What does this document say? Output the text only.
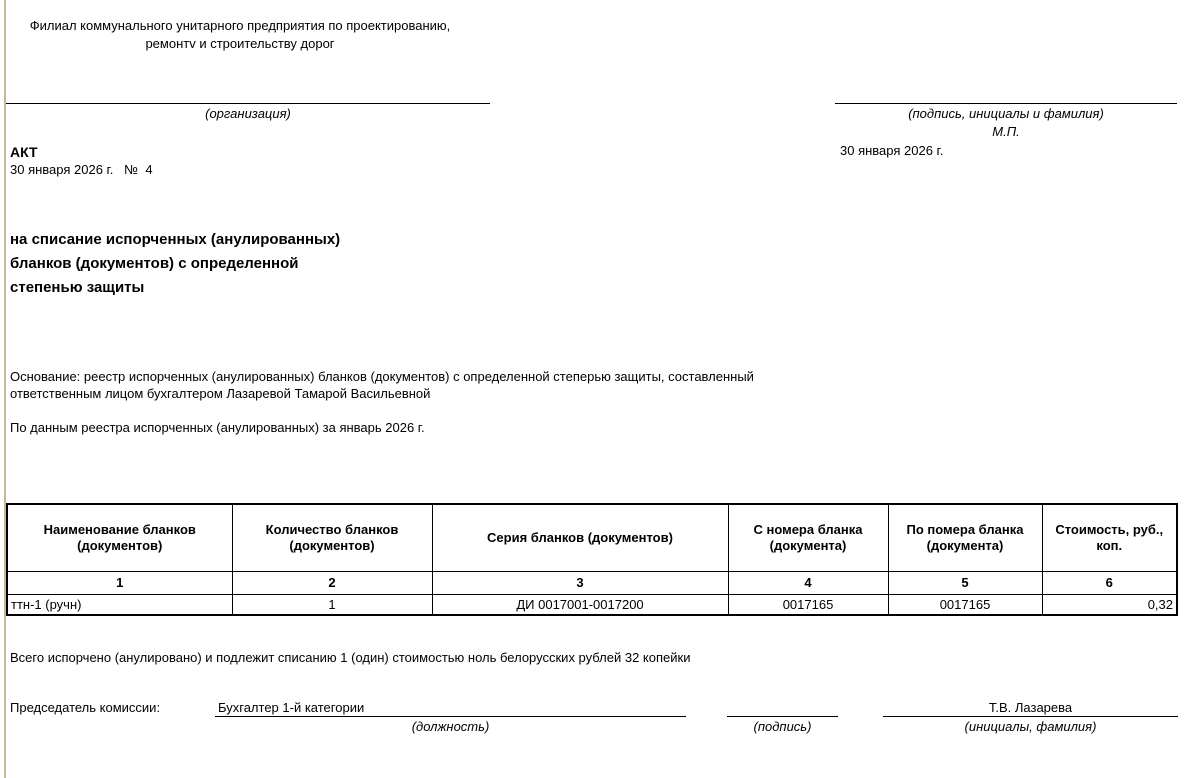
Филиал коммунального унитарного предприятия по проектированию, ремонтv и строительству дорог
(организация)	(подпись, инициалы и фамилия)
М.П.
30 января 2026 г.
АКТ
30 января 2026 г.   №  4
на списание испорченных (анулированных)
бланков (документов) с определенной
степенью защиты
Основание: реестр испорченных (анулированных) бланков (документов) с определенной степерью защиты, составленный
ответственным лицом бухгалтером Лазаревой Тамарой Васильевной
По данным реестра испорченных (анулированных) за январь 2026 г.
Наименование бланков (документов)	Количество бланков (документов)	Серия бланков (документов)	С номера бланка (документа)	По помера бланка (документа)	Стоимость, руб., коп.
1	2	3	4	5	6
ттн-1 (ручн)	1	ДИ 0017001-0017200	0017165	0017165	0,32
Всего испорчено (анулировано) и подлежит списанию 1 (один) стоимостью ноль белорусских рублей 32 копейки
Председатель комиссии:	Бухгалтер 1-й категории
(должность)	(подпись)
Т.В. Лазарева
(инициалы, фамилия)
